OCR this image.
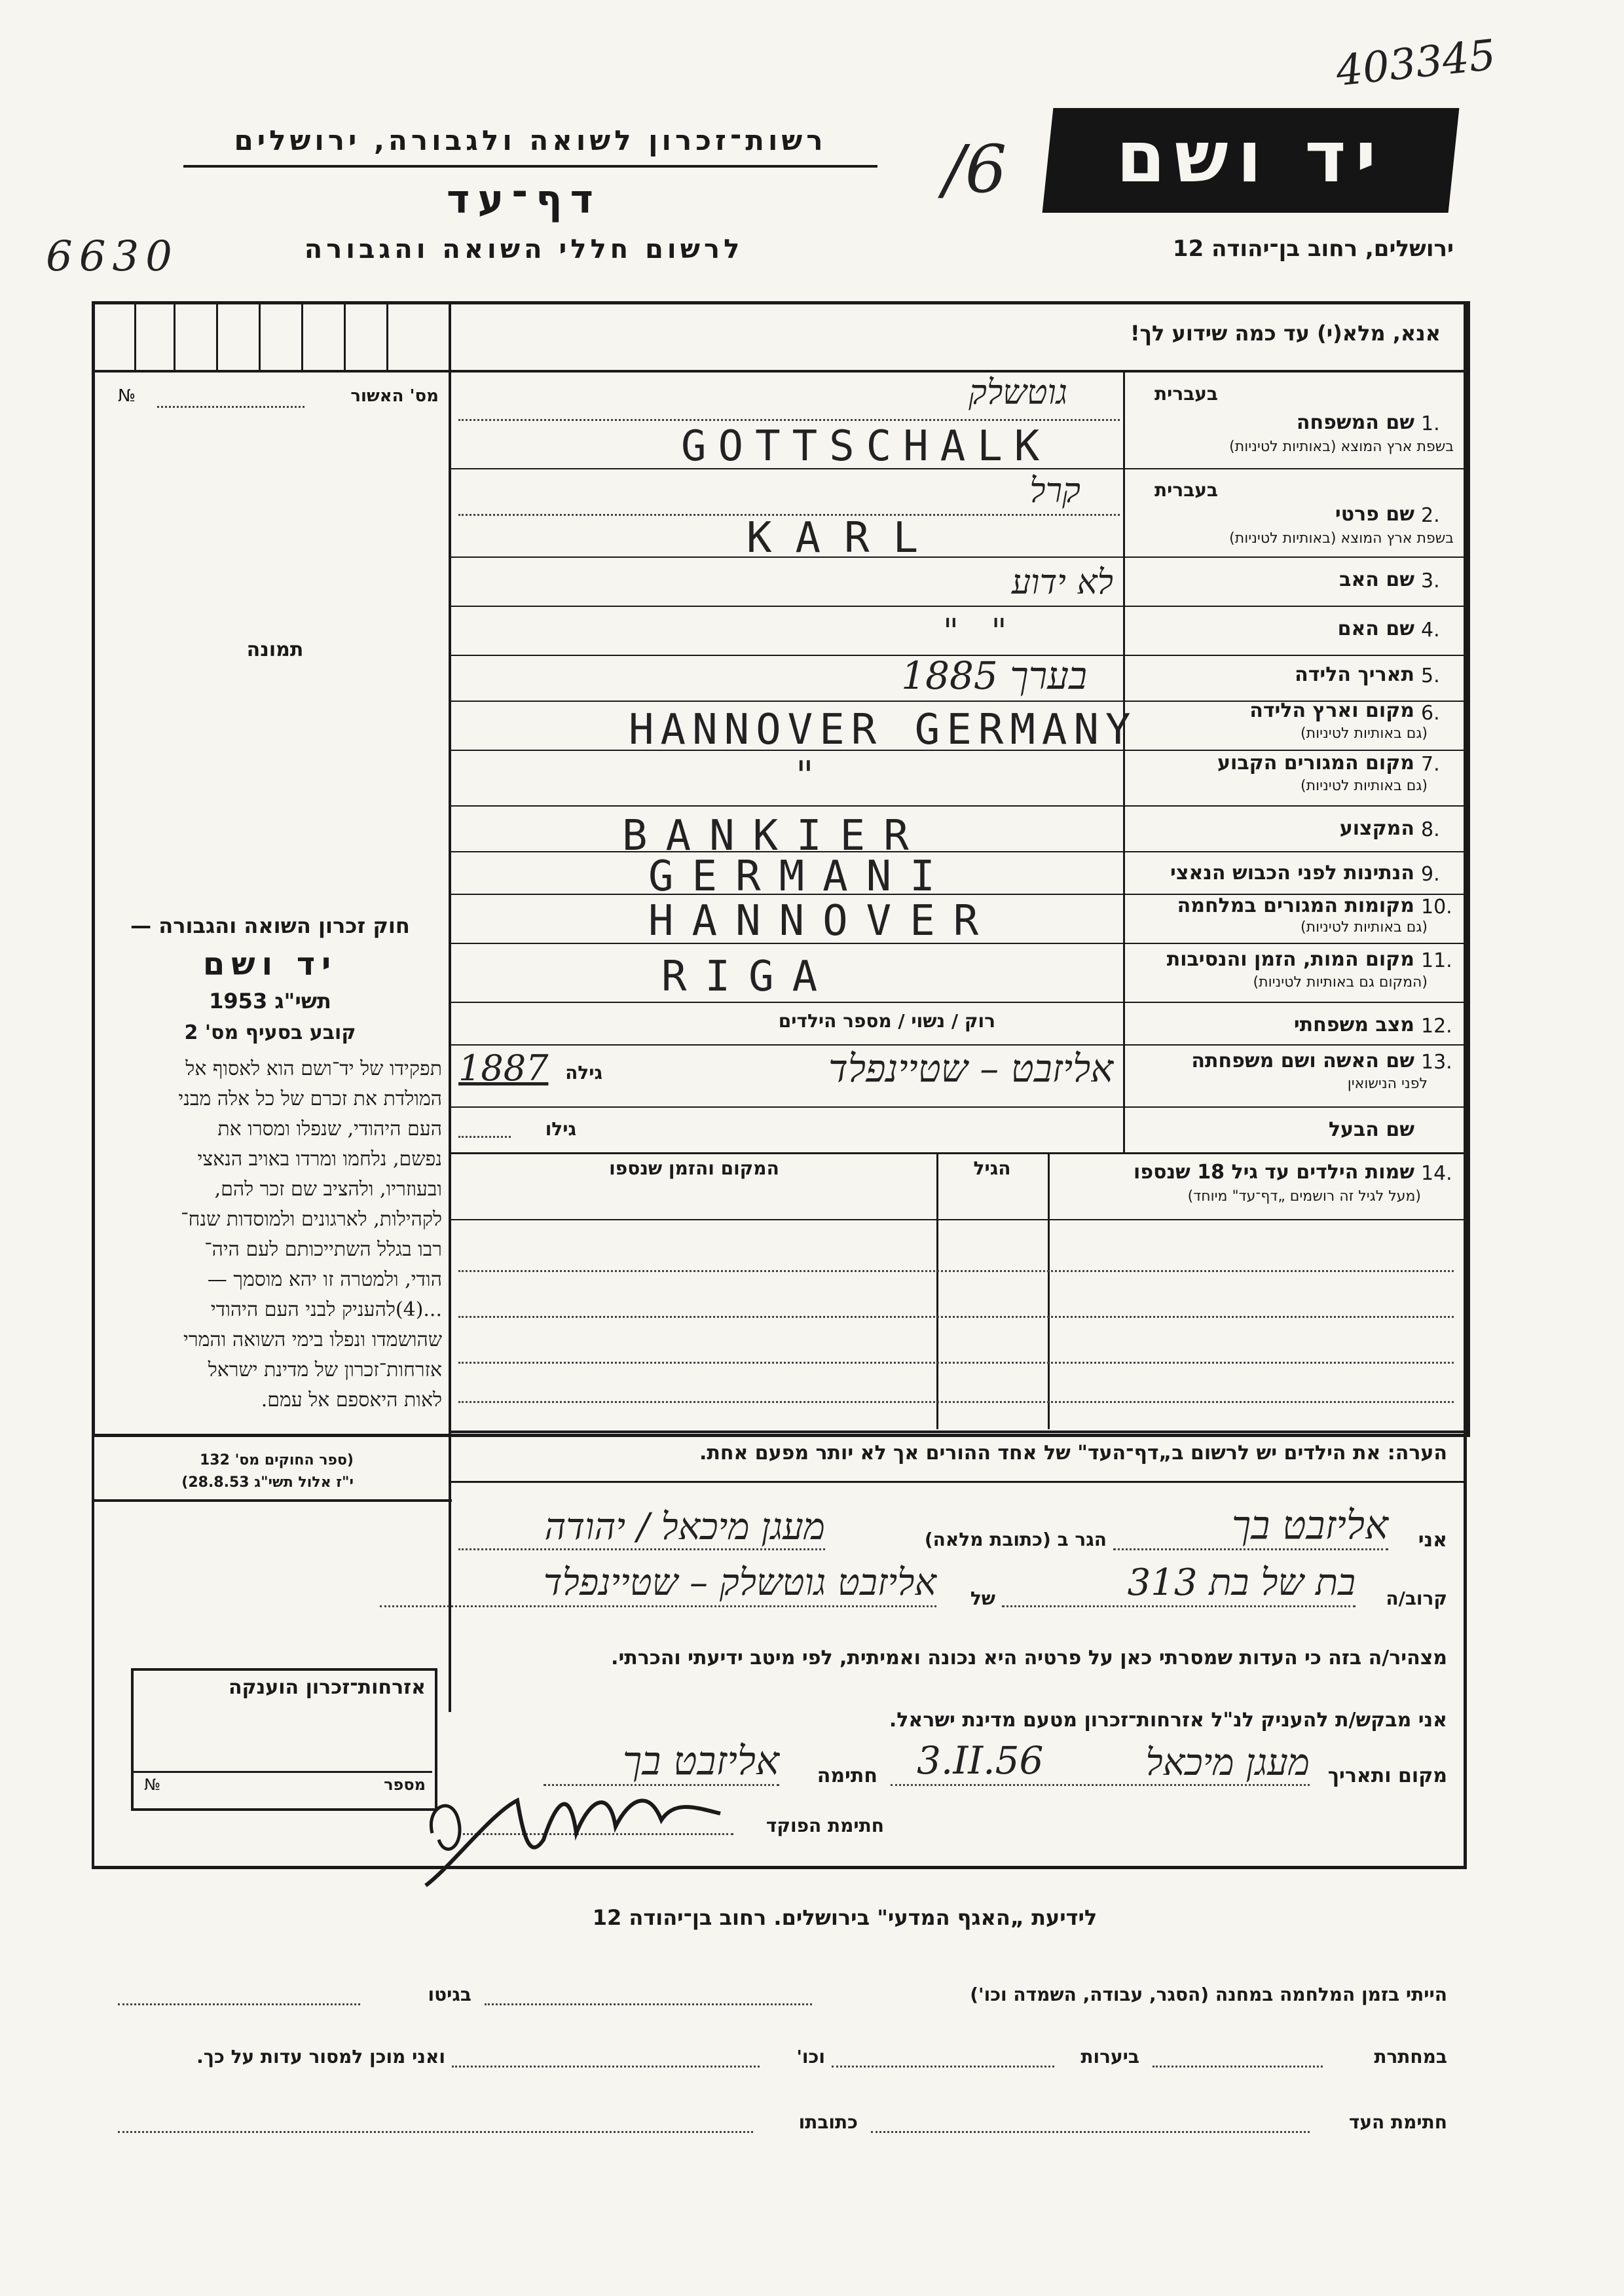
403345
6630
/6
רשות־זכרון לשואה ולגבורה, ירושלים
דף־עד
לרשום חללי השואה והגבורה
יד ושם
ירושלים, רחוב בן־יהודה 12
אנא, מלא(י) עד כמה שידוע לך!
מס' האשור
№
תמונה
בעברית
1.
שם המשפחה
בשפת ארץ המוצא (באותיות לטיניות)
גוטשלק
GOTTSCHALK
בעברית
2.
שם פרטי
בשפת ארץ המוצא (באותיות לטיניות)
קרל
KARL
3.
שם האב
לא ידוע
4.
שם האם
"   "
5.
תאריך הלידה
בערך 1885
6.
מקום וארץ הלידה
(גם באותיות לטיניות)
HANNOVER GERMANY
7.
מקום המגורים הקבוע
(גם באותיות לטיניות)
"
8.
המקצוע
BANKIER
9.
הנתינות לפני הכבוש הנאצי
GERMANI
10.
מקומות המגורים במלחמה
(גם באותיות לטיניות)
HANNOVER
11.
מקום המות, הזמן והנסיבות
(המקום גם באותיות לטיניות)
RIGA
12.
מצב משפחתי
רוק / נשוי / מספר הילדים
13.
שם האשה ושם משפחתה
לפני הנישואין
אליזבט – שטיינפלד
גילה
1887
שם הבעל
גילו
14.
שמות הילדים עד גיל 18 שנספו
(מעל לגיל זה רושמים „דף־עד" מיוחד)
הגיל
המקום והזמן שנספו
חוק זכרון השואה והגבורה —
יד ושם
תשי"ג 1953
קובע בסעיף מס' 2
תפקידו של יד־ושם הוא לאסוף אל
המולדת את זכרם של כל אלה מבני
העם היהודי, שנפלו ומסרו את
נפשם, נלחמו ומרדו באויב הנאצי
ובעוזריו, ולהציב שם זכר להם,
לקהילות, לארגונים ולמוסדות שנח־
רבו בגלל השתייכותם לעם היה־
הודי, ולמטרה זו יהא מוסמך —
...(4)להעניק לבני העם היהודי
שהושמדו ונפלו בימי השואה והמרי
אזרחות־זכרון של מדינת ישראל
לאות היאספם אל עמם.
(ספר החוקים מס' 132
י"ז אלול תשי"ג 28.8.53)
הערה: את הילדים יש לרשום ב„דף־העד" של אחד ההורים אך לא יותר מפעם אחת.
אני
אליזבט בך
הגר ב (כתובת מלאה)
מעגן מיכאל / יהודה
קרוב/ה
בת של בת 313
של
אליזבט גוטשלק – שטיינפלד
מצהיר/ה בזה כי העדות שמסרתי כאן על פרטיה היא נכונה ואמיתית, לפי מיטב ידיעתי והכרתי.
אני מבקש/ת להעניק לנ"ל אזרחות־זכרון מטעם מדינת ישראל.
מקום ותאריך
מעגן מיכאל
3.II.56
חתימה
אליזבט בך
חתימת הפוקד
אזרחות־זכרון הוענקה
מספר
№
לידיעת „האגף המדעי" בירושלים. רחוב בן־יהודה 12
הייתי בזמן המלחמה במחנה (הסגר, עבודה, השמדה וכו')
בגיטו
במחתרת
ביערות
וכו'
ואני מוכן למסור עדות על כך.
חתימת העד
כתובתו
